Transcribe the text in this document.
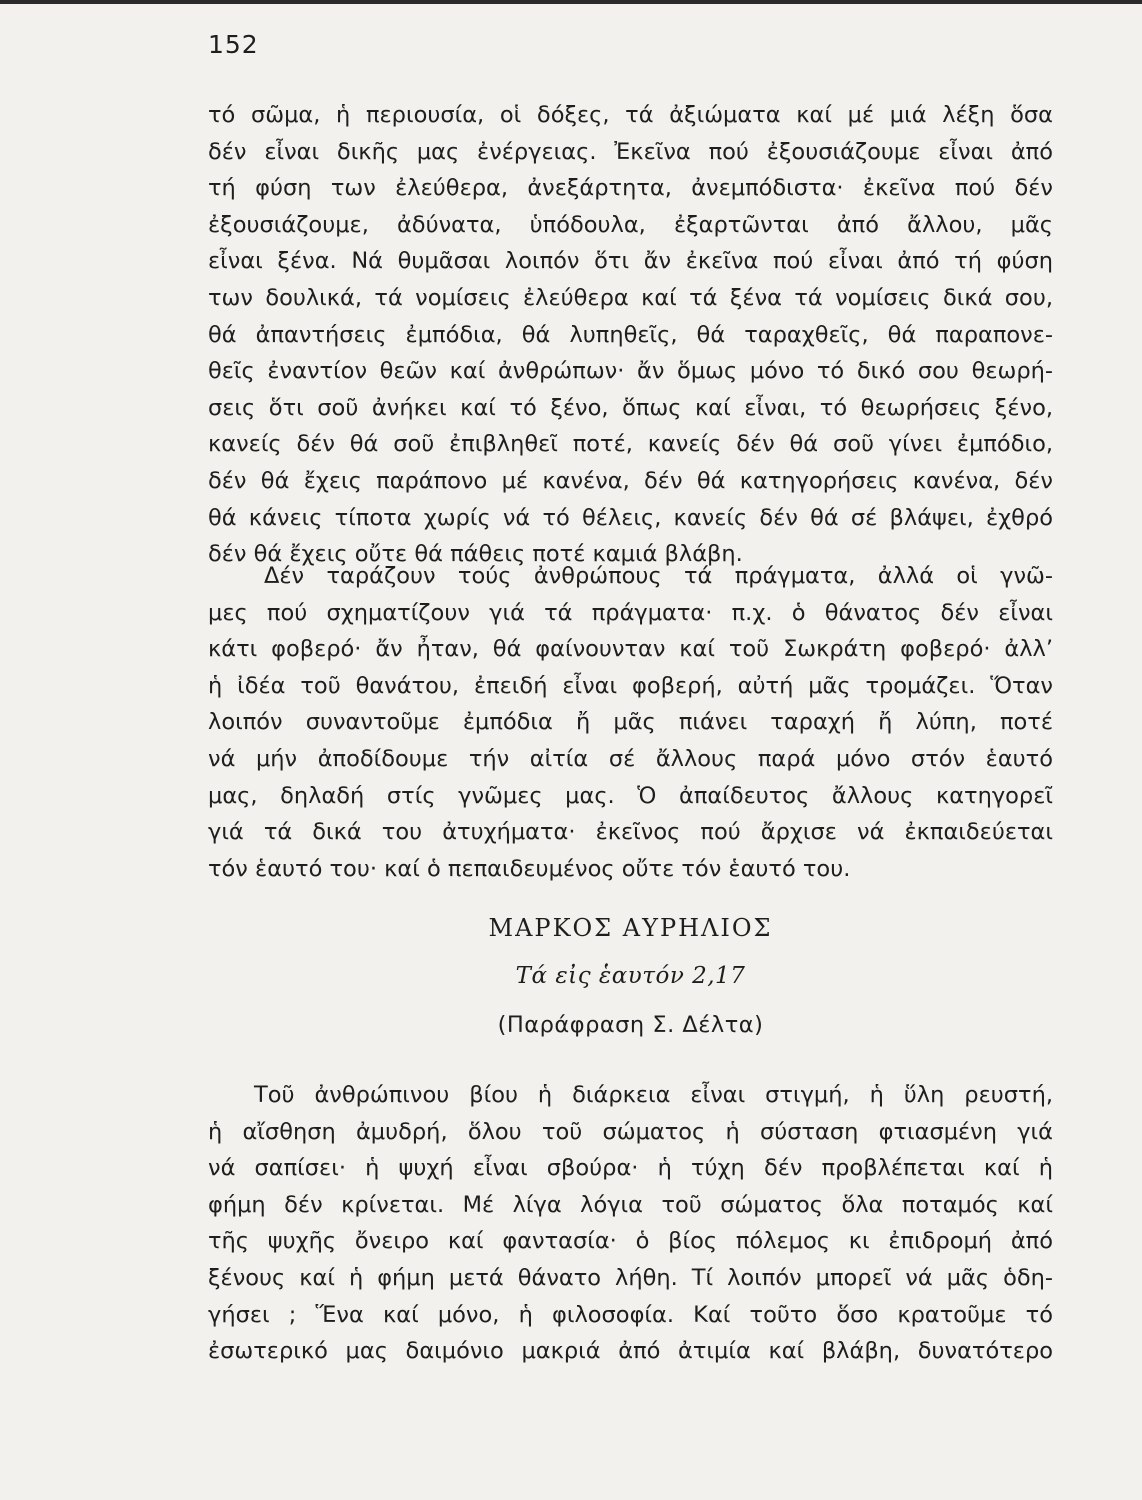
152
τό σῶμα, ἡ περιουσία, οἱ δόξες, τά ἀξιώματα καί μέ μιά λέξη ὅσα
δέν εἶναι δικῆς μας ἐνέργειας. Ἐκεῖνα πού ἐξουσιάζουμε εἶναι ἀπό
τή φύση των ἐλεύθερα, ἀνεξάρτητα, ἀνεμπόδιστα· ἐκεῖνα πού δέν
ἐξουσιάζουμε, ἀδύνατα, ὑπόδουλα, ἐξαρτῶνται ἀπό ἄλλου, μᾶς
εἶναι ξένα. Νά θυμᾶσαι λοιπόν ὅτι ἄν ἐκεῖνα πού εἶναι ἀπό τή φύση
των δουλικά, τά νομίσεις ἐλεύθερα καί τά ξένα τά νομίσεις δικά σου,
θά ἀπαντήσεις ἐμπόδια, θά λυπηθεῖς, θά ταραχθεῖς, θά παραπονε-
θεῖς ἐναντίον θεῶν καί ἀνθρώπων· ἄν ὅμως μόνο τό δικό σου θεωρή-
σεις ὅτι σοῦ ἀνήκει καί τό ξένο, ὅπως καί εἶναι, τό θεωρήσεις ξένο,
κανείς δέν θά σοῦ ἐπιβληθεῖ ποτέ, κανείς δέν θά σοῦ γίνει ἐμπόδιο,
δέν θά ἔχεις παράπονο μέ κανένα, δέν θά κατηγορήσεις κανένα, δέν
θά κάνεις τίποτα χωρίς νά τό θέλεις, κανείς δέν θά σέ βλάψει, ἐχθρό
δέν θά ἔχεις οὔτε θά πάθεις ποτέ καμιά βλάβη.
Δέν ταράζουν τούς ἀνθρώπους τά πράγματα, ἀλλά οἱ γνῶ-
μες πού σχηματίζουν γιά τά πράγματα· π.χ. ὁ θάνατος δέν εἶναι
κάτι φοβερό· ἄν ἦταν, θά φαίνουνταν καί τοῦ Σωκράτη φοβερό· ἀλλ’
ἡ ἰδέα τοῦ θανάτου, ἐπειδή εἶναι φοβερή, αὐτή μᾶς τρομάζει. Ὅταν
λοιπόν συναντοῦμε ἐμπόδια ἤ μᾶς πιάνει ταραχή ἤ λύπη, ποτέ
νά μήν ἀποδίδουμε τήν αἰτία σέ ἄλλους παρά μόνο στόν ἑαυτό
μας, δηλαδή στίς γνῶμες μας. Ὁ ἀπαίδευτος ἄλλους κατηγορεῖ
γιά τά δικά του ἀτυχήματα· ἐκεῖνος πού ἄρχισε νά ἐκπαιδεύεται
τόν ἑαυτό του· καί ὁ πεπαιδευμένος οὔτε τόν ἑαυτό του.
ΜΑΡΚΟΣ ΑΥΡΗΛΙΟΣ
Τά εἰς ἑαυτόν 2,17
(Παράφραση Σ. Δέλτα)
Τοῦ ἀνθρώπινου βίου ἡ διάρκεια εἶναι στιγμή, ἡ ὕλη ρευστή,
ἡ αἴσθηση ἀμυδρή, ὅλου τοῦ σώματος ἡ σύσταση φτιασμένη γιά
νά σαπίσει· ἡ ψυχή εἶναι σβούρα· ἡ τύχη δέν προβλέπεται καί ἡ
φήμη δέν κρίνεται. Μέ λίγα λόγια τοῦ σώματος ὅλα ποταμός καί
τῆς ψυχῆς ὄνειρο καί φαντασία· ὁ βίος πόλεμος κι ἐπιδρομή ἀπό
ξένους καί ἡ φήμη μετά θάνατο λήθη. Τί λοιπόν μπορεῖ νά μᾶς ὁδη-
γήσει ; Ἕνα καί μόνο, ἡ φιλοσοφία. Καί τοῦτο ὅσο κρατοῦμε τό
ἐσωτερικό μας δαιμόνιο μακριά ἀπό ἀτιμία καί βλάβη, δυνατότερο
